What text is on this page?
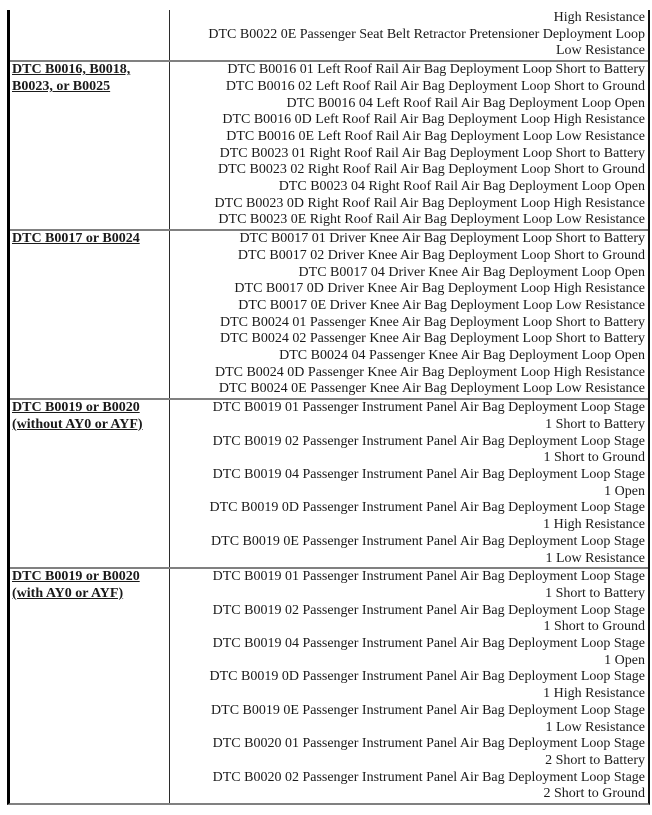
High Resistance
DTC B0022 0E Passenger Seat Belt Retractor Pretensioner Deployment Loop
Low Resistance
DTC B0016, B0018,
B0023, or B0025
DTC B0016 01 Left Roof Rail Air Bag Deployment Loop Short to Battery
DTC B0016 02 Left Roof Rail Air Bag Deployment Loop Short to Ground
DTC B0016 04 Left Roof Rail Air Bag Deployment Loop Open
DTC B0016 0D Left Roof Rail Air Bag Deployment Loop High Resistance
DTC B0016 0E Left Roof Rail Air Bag Deployment Loop Low Resistance
DTC B0023 01 Right Roof Rail Air Bag Deployment Loop Short to Battery
DTC B0023 02 Right Roof Rail Air Bag Deployment Loop Short to Ground
DTC B0023 04 Right Roof Rail Air Bag Deployment Loop Open
DTC B0023 0D Right Roof Rail Air Bag Deployment Loop High Resistance
DTC B0023 0E Right Roof Rail Air Bag Deployment Loop Low Resistance
DTC B0017 or B0024	DTC B0017 01 Driver Knee Air Bag Deployment Loop Short to Battery
DTC B0017 02 Driver Knee Air Bag Deployment Loop Short to Ground
DTC B0017 04 Driver Knee Air Bag Deployment Loop Open
DTC B0017 0D Driver Knee Air Bag Deployment Loop High Resistance
DTC B0017 0E Driver Knee Air Bag Deployment Loop Low Resistance
DTC B0024 01 Passenger Knee Air Bag Deployment Loop Short to Battery
DTC B0024 02 Passenger Knee Air Bag Deployment Loop Short to Battery
DTC B0024 04 Passenger Knee Air Bag Deployment Loop Open
DTC B0024 0D Passenger Knee Air Bag Deployment Loop High Resistance
DTC B0024 0E Passenger Knee Air Bag Deployment Loop Low Resistance
DTC B0019 or B0020
(without AY0 or AYF)
DTC B0019 01 Passenger Instrument Panel Air Bag Deployment Loop Stage
1 Short to Battery
DTC B0019 02 Passenger Instrument Panel Air Bag Deployment Loop Stage
1 Short to Ground
DTC B0019 04 Passenger Instrument Panel Air Bag Deployment Loop Stage
1 Open
DTC B0019 0D Passenger Instrument Panel Air Bag Deployment Loop Stage
1 High Resistance
DTC B0019 0E Passenger Instrument Panel Air Bag Deployment Loop Stage
1 Low Resistance
DTC B0019 or B0020
(with AY0 or AYF)
DTC B0019 01 Passenger Instrument Panel Air Bag Deployment Loop Stage
1 Short to Battery
DTC B0019 02 Passenger Instrument Panel Air Bag Deployment Loop Stage
1 Short to Ground
DTC B0019 04 Passenger Instrument Panel Air Bag Deployment Loop Stage
1 Open
DTC B0019 0D Passenger Instrument Panel Air Bag Deployment Loop Stage
1 High Resistance
DTC B0019 0E Passenger Instrument Panel Air Bag Deployment Loop Stage
1 Low Resistance
DTC B0020 01 Passenger Instrument Panel Air Bag Deployment Loop Stage
2 Short to Battery
DTC B0020 02 Passenger Instrument Panel Air Bag Deployment Loop Stage
2 Short to Ground
